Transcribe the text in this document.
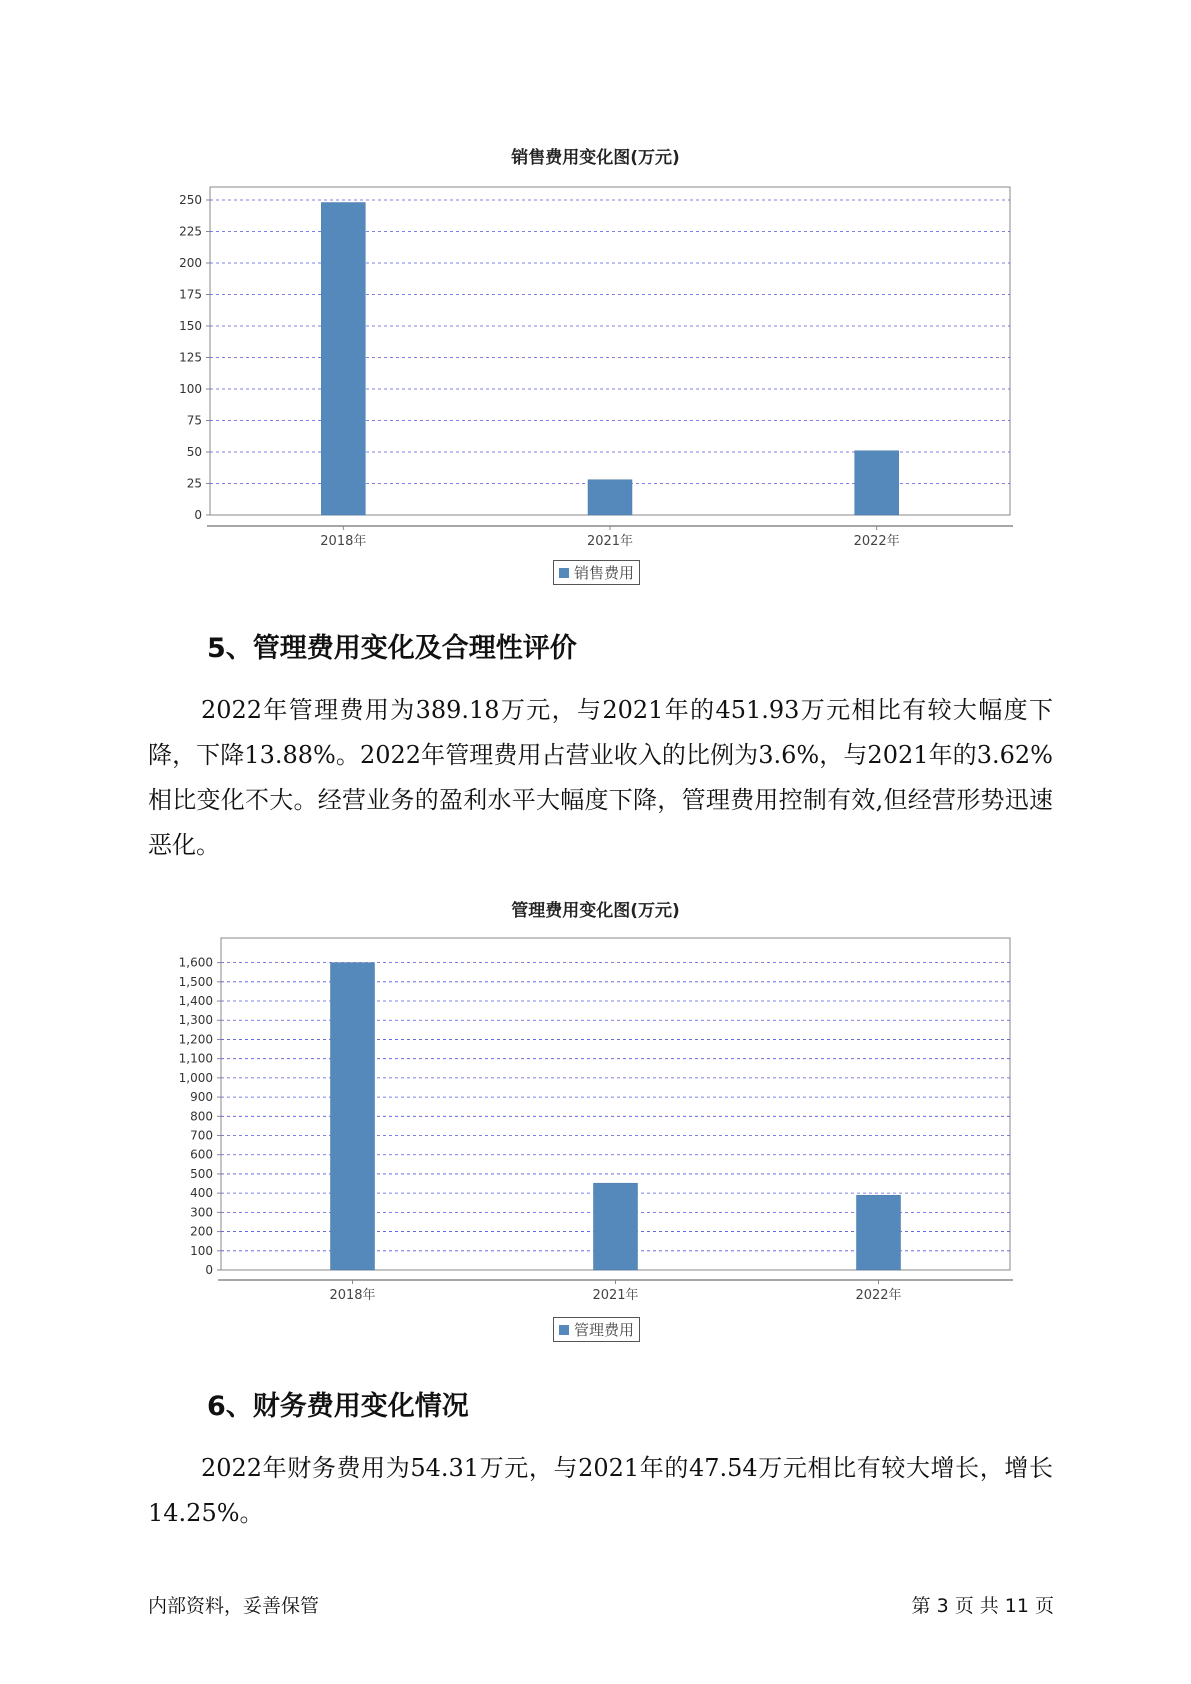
销售费用变化图(万元)
0
25
50
75
100
125
150
175
200
225
250
2018年	2021年	2022年
销售费用
5、管理费用变化及合理性评价

2022年管理费用为389.18万元，与2021年的451.93万元相比有较大幅度下降，下降13.88%。2022年管理费用占营业收入的比例为3.6%，与2021年的3.62%相比变化不大。经营业务的盈利水平大幅度下降，管理费用控制有效,但经营形势迅速恶化。

管理费用变化图(万元)
0
100
200
300
400
500
600
700
800
900
1,000
1,100
1,200
1,300
1,400
1,500
1,600
2018年	2021年	2022年
管理费用
6、财务费用变化情况

2022年财务费用为54.31万元，与2021年的47.54万元相比有较大增长，增长14.25%。

内部资料，妥善保管	第 3 页 共 11 页
